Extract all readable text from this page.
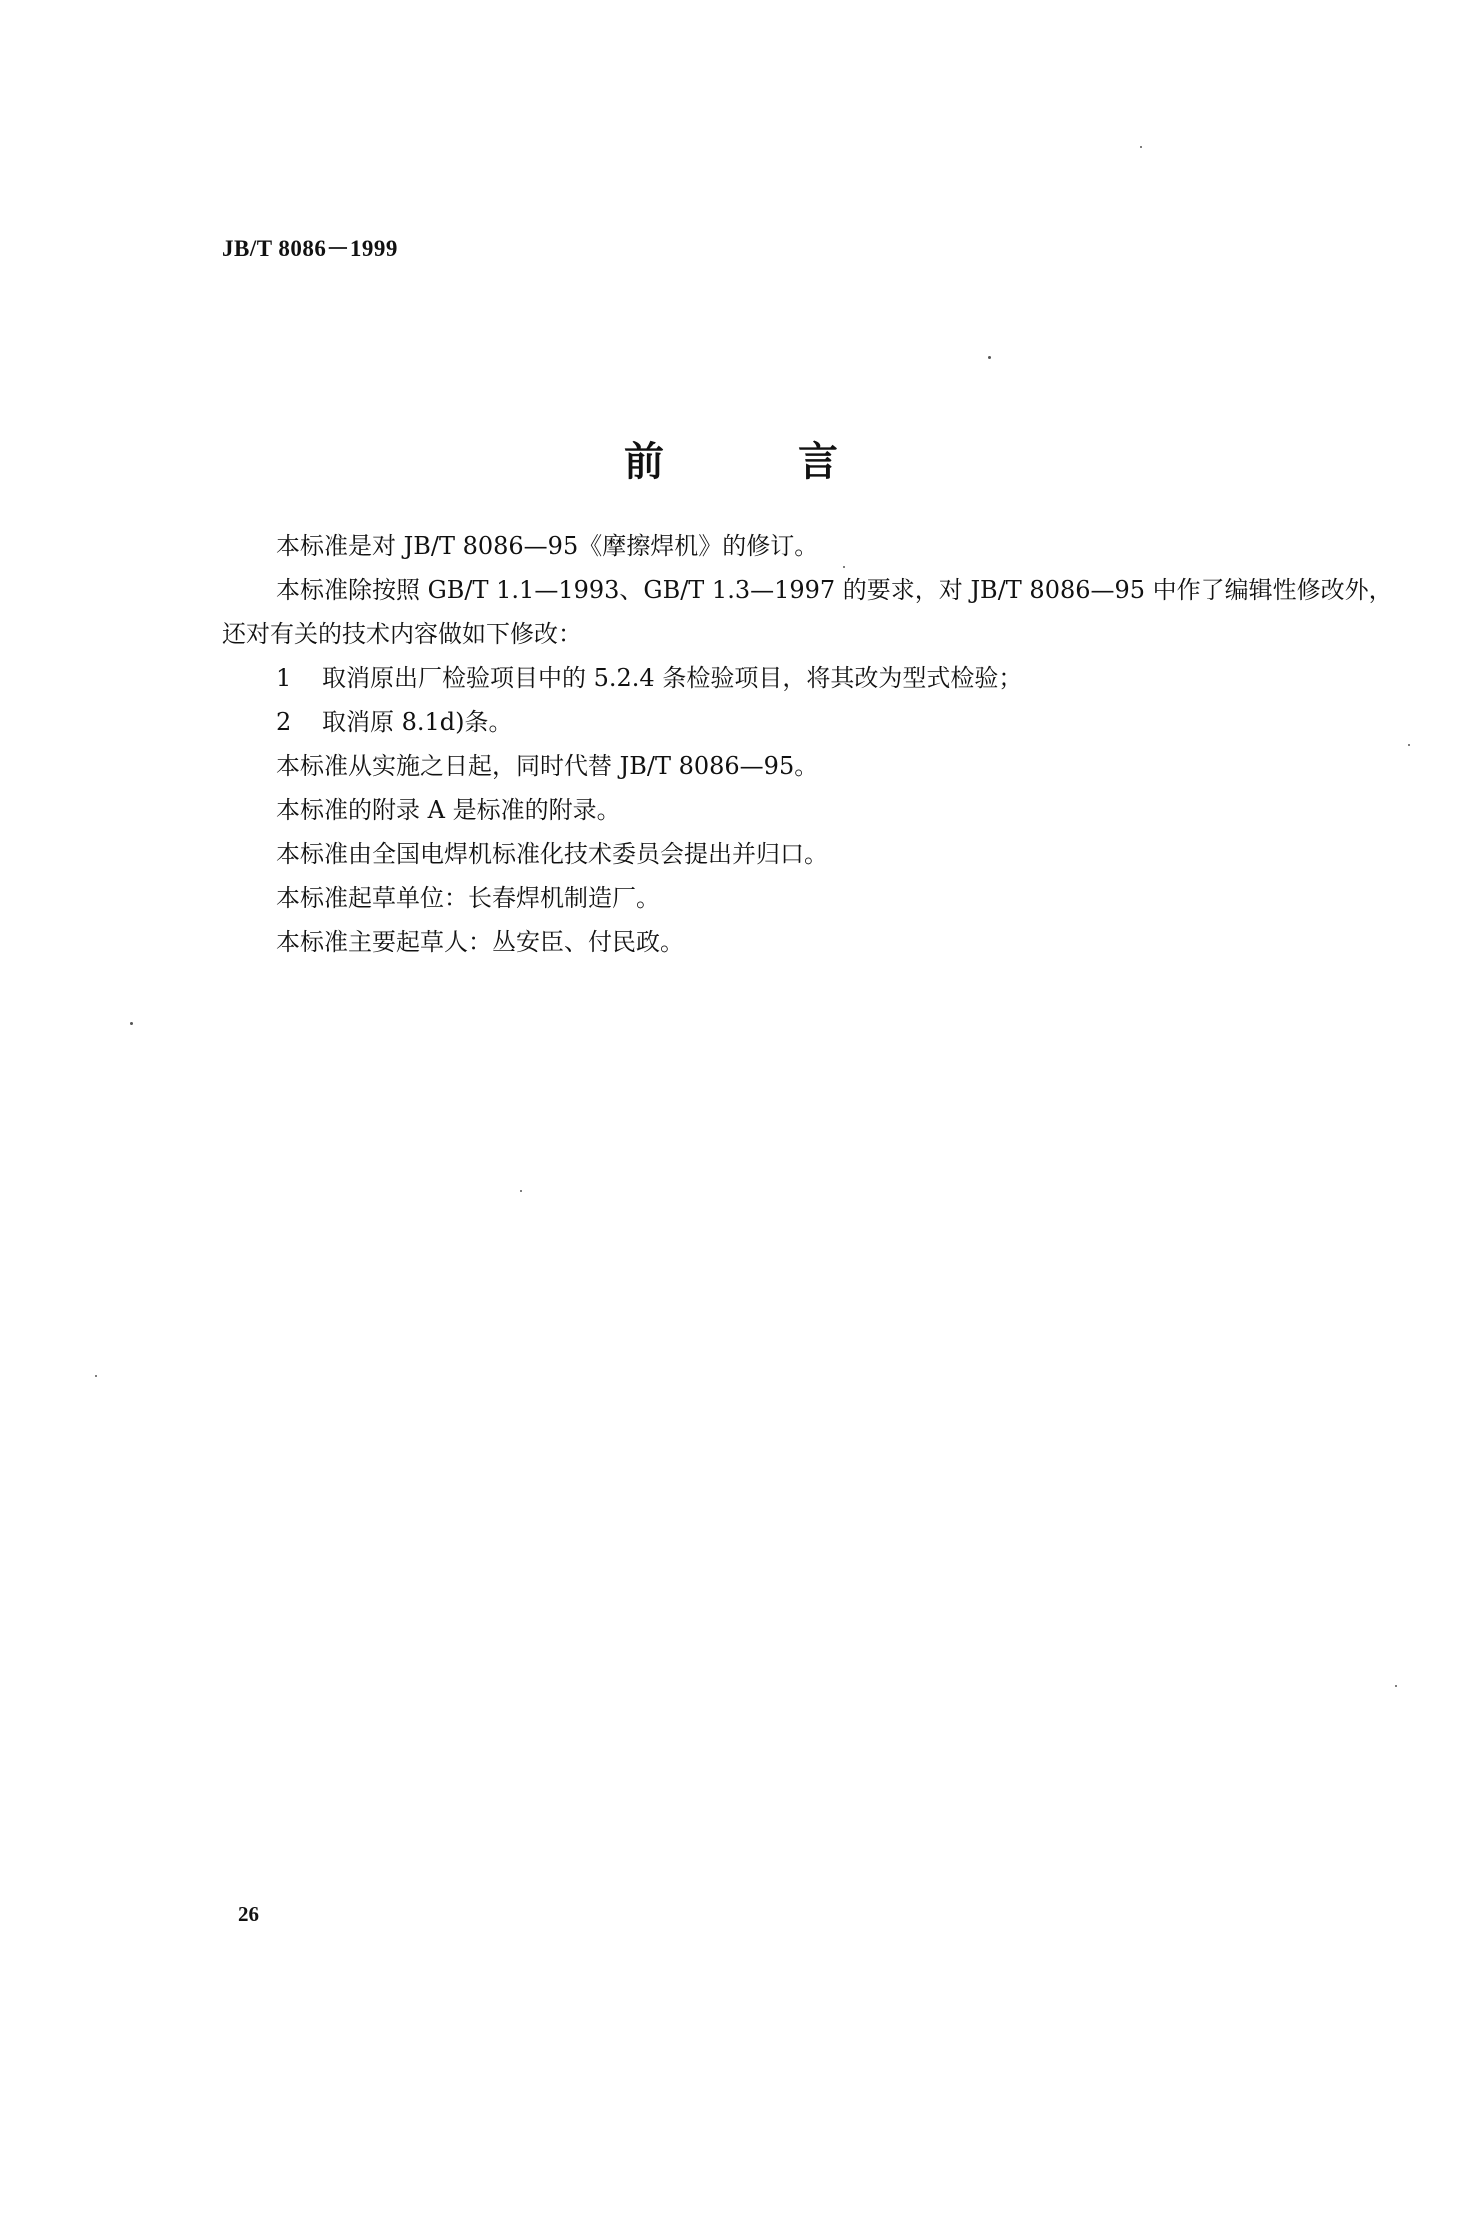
JB/T 8086－1999
前 言

本标准是对 JB/T 8086—95《摩擦焊机》的修订。

本标准除按照 GB/T 1.1—1993、GB/T 1.3—1997 的要求，对 JB/T 8086—95 中作了编辑性修改外，
还对有关的技术内容做如下修改：

1 取消原出厂检验项目中的 5.2.4 条检验项目，将其改为型式检验；

2 取消原 8.1d)条。

本标准从实施之日起，同时代替 JB/T 8086—95。

本标准的附录 A 是标准的附录。

本标准由全国电焊机标准化技术委员会提出并归口。

本标准起草单位：长春焊机制造厂。

本标准主要起草人：丛安臣、付民政。

26
